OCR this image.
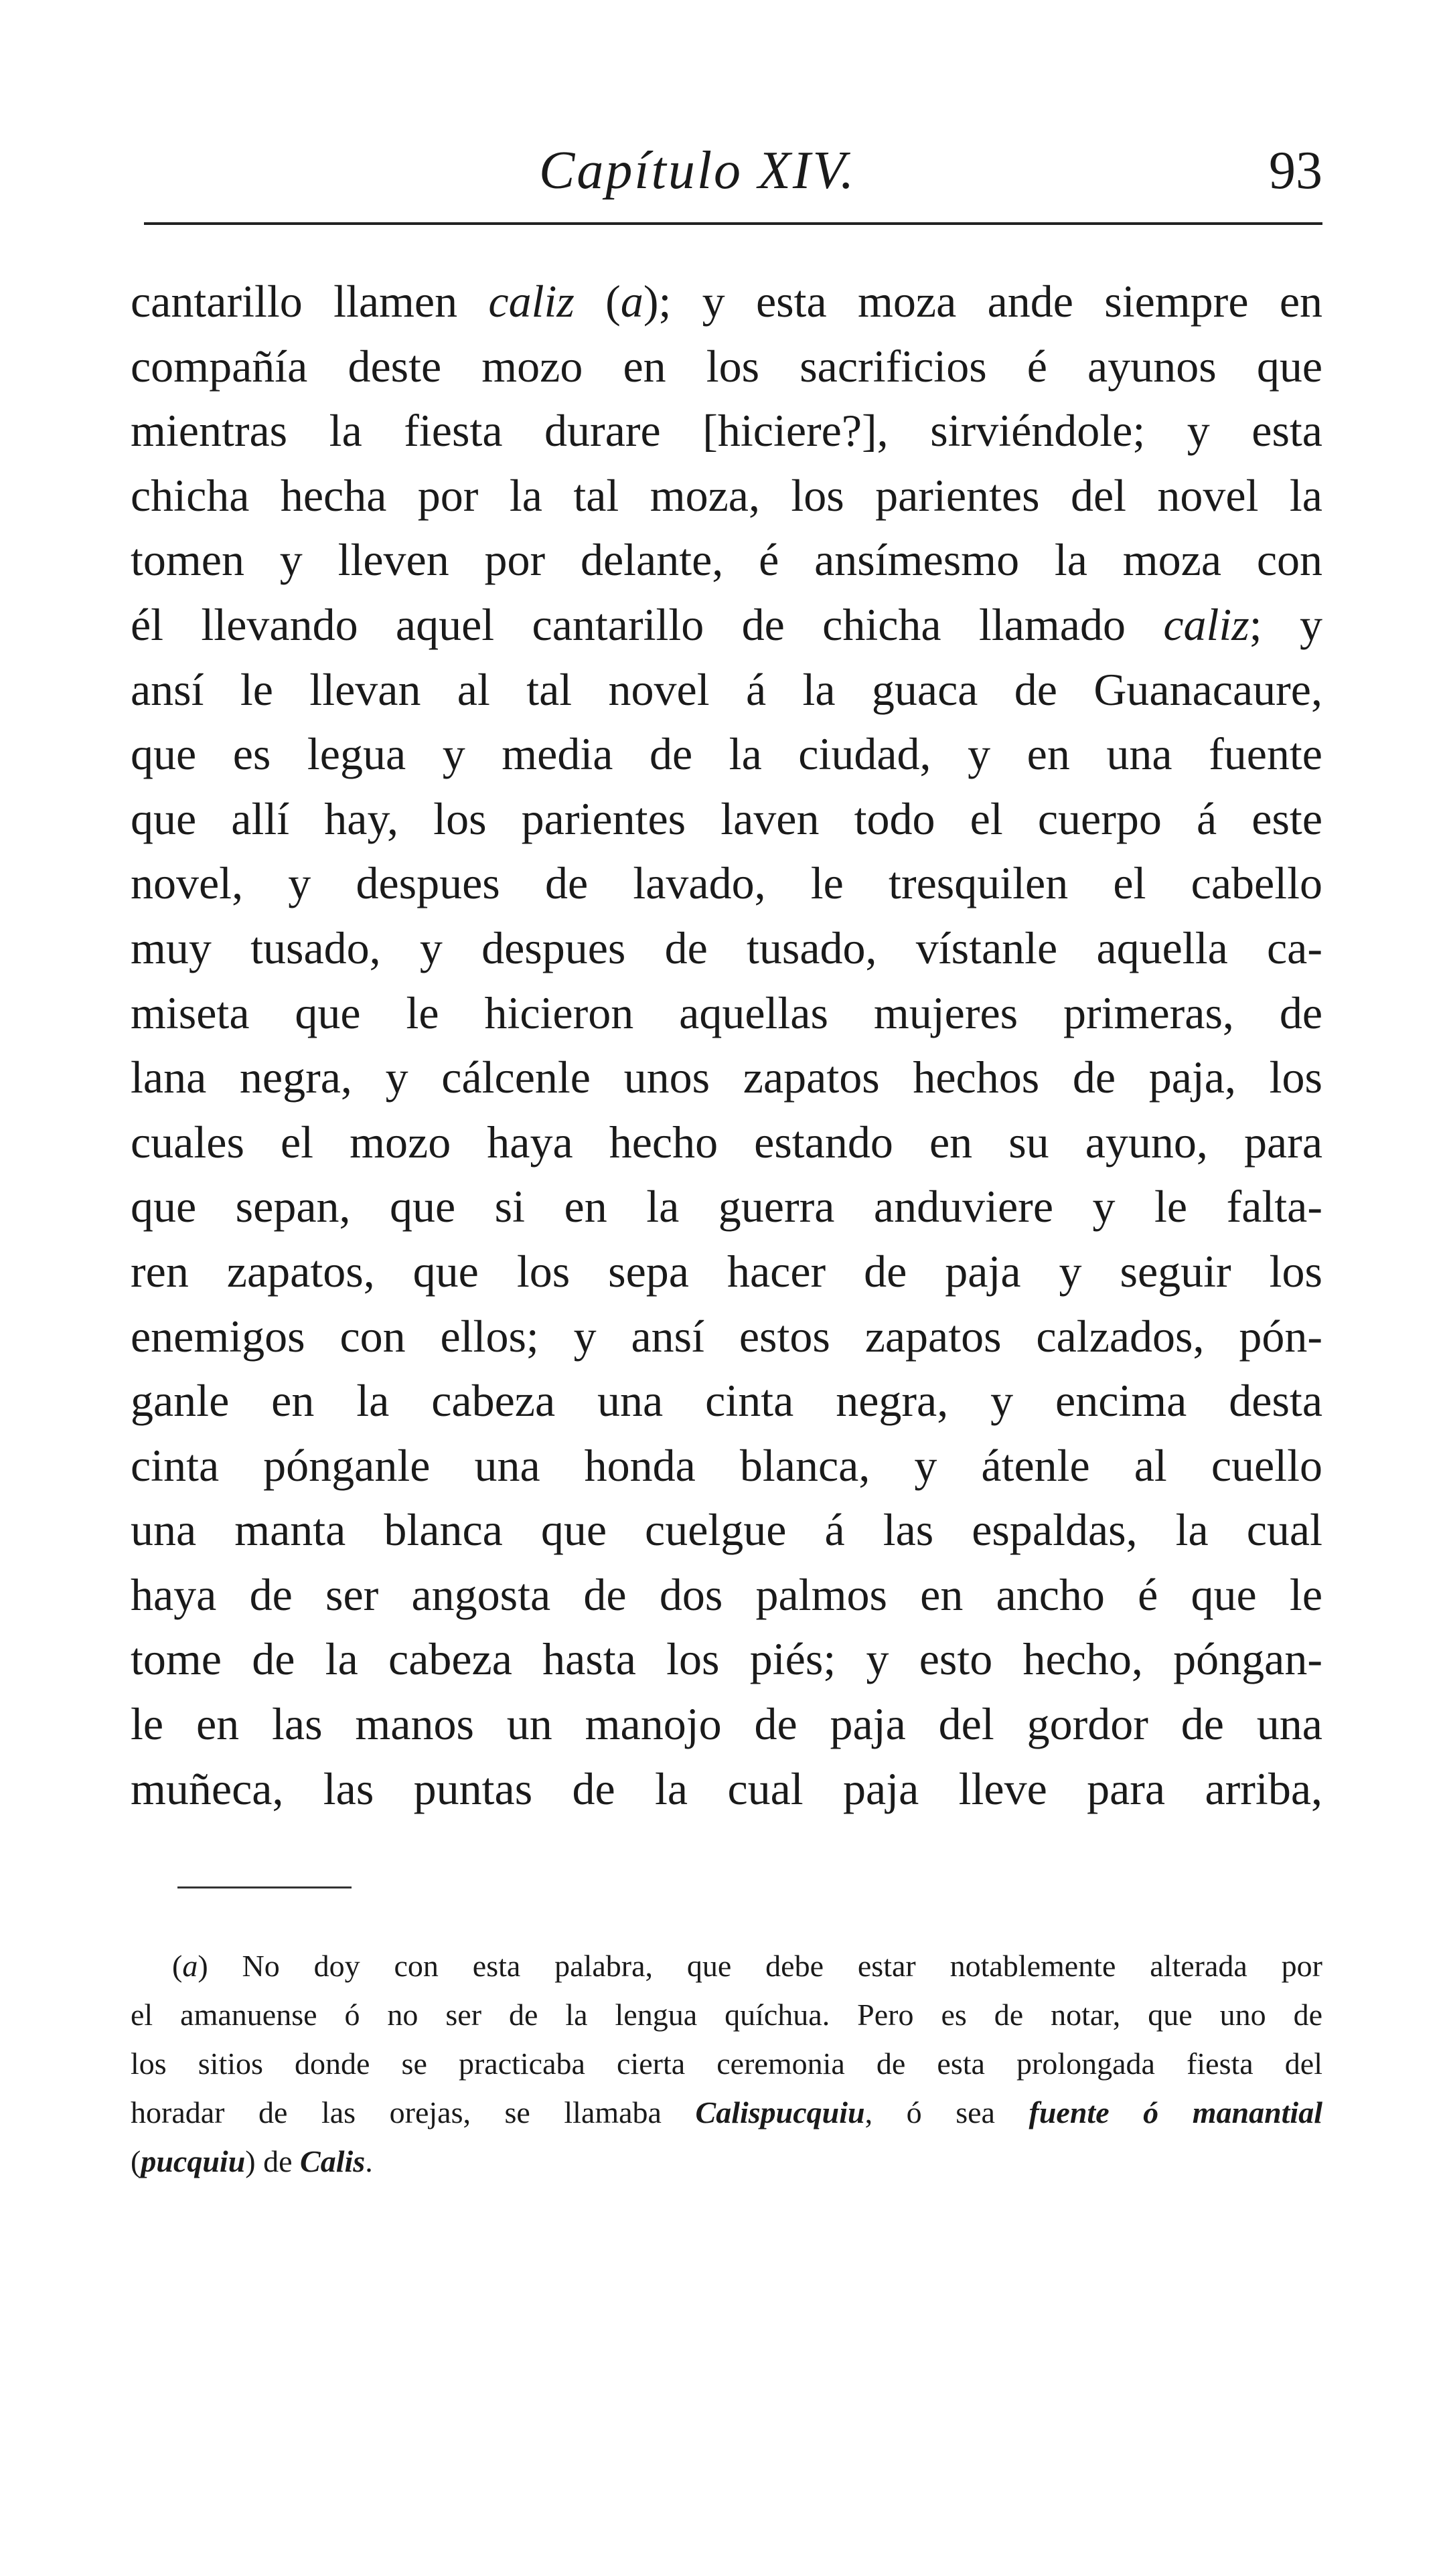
Capítulo XIV.	93
cantarillo llamen caliz (a); y esta moza ande siempre en
compañía deste mozo en los sacrificios é ayunos que
mientras la fiesta durare [hiciere?], sirviéndole; y esta
chicha hecha por la tal moza, los parientes del novel la
tomen y lleven por delante, é ansímesmo la moza con
él llevando aquel cantarillo de chicha llamado caliz; y
ansí le llevan al tal novel á la guaca de Guanacaure,
que es legua y media de la ciudad, y en una fuente
que allí hay, los parientes laven todo el cuerpo á este
novel, y despues de lavado, le tresquilen el cabello
muy tusado, y despues de tusado, vístanle aquella ca-
miseta que le hicieron aquellas mujeres primeras, de
lana negra, y cálcenle unos zapatos hechos de paja, los
cuales el mozo haya hecho estando en su ayuno, para
que sepan, que si en la guerra anduviere y le falta-
ren zapatos, que los sepa hacer de paja y seguir los
enemigos con ellos; y ansí estos zapatos calzados, pón-
ganle en la cabeza una cinta negra, y encima desta
cinta pónganle una honda blanca, y átenle al cuello
una manta blanca que cuelgue á las espaldas, la cual
haya de ser angosta de dos palmos en ancho é que le
tome de la cabeza hasta los piés; y esto hecho, póngan-
le en las manos un manojo de paja del gordor de una
muñeca, las puntas de la cual paja lleve para arriba,
(a) No doy con esta palabra, que debe estar notablemente alterada por
el amanuense ó no ser de la lengua quíchua. Pero es de notar, que uno de
los sitios donde se practicaba cierta ceremonia de esta prolongada fiesta del
horadar de las orejas, se llamaba Calispucquiu, ó sea fuente ó manantial
(pucquiu) de Calis.
